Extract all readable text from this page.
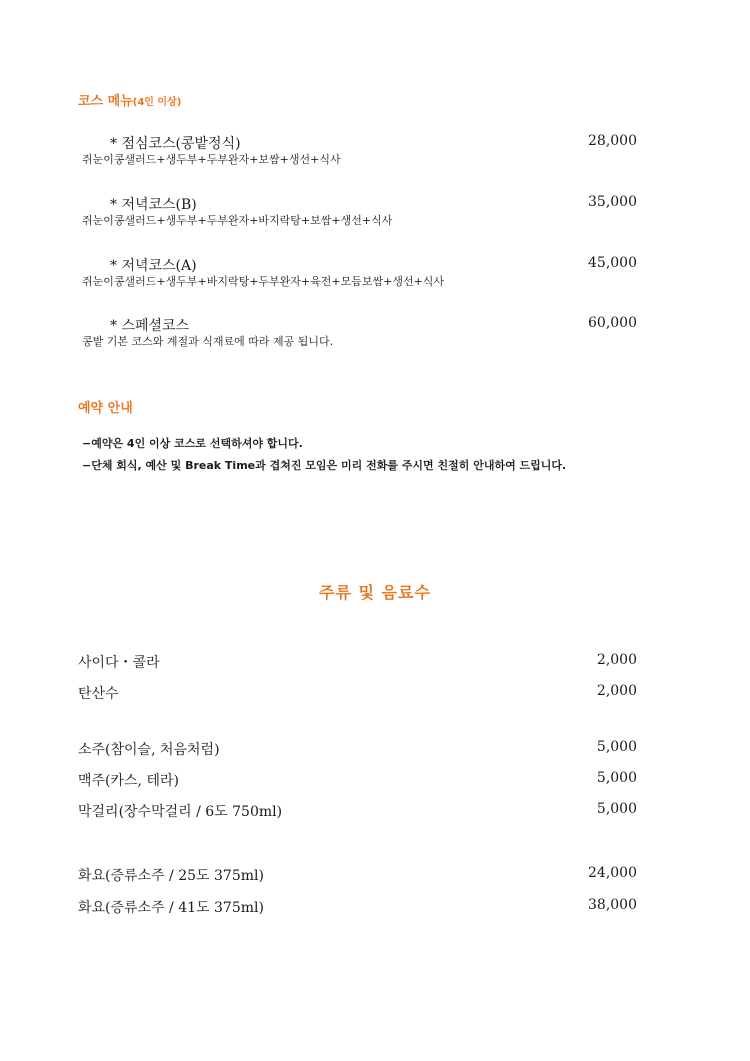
코스 메뉴(4인 이상)
* 점심코스(콩밭정식)	28,000
쥐눈이콩샐러드+생두부+두부완자+보쌈+생선+식사
* 저녁코스(B)	35,000
쥐눈이콩샐러드+생두부+두부완자+바지락탕+보쌈+생선+식사
* 저녁코스(A)	45,000
쥐눈이콩샐러드+생두부+바지락탕+두부완자+육전+모듬보쌈+생선+식사
* 스페셜코스	60,000
콩밭 기본 코스와 계절과 식재료에 따라 제공 됩니다.
예약 안내
−예약은 4인 이상 코스로 선택하셔야 합니다.
−단체 회식, 예산 및 Break Time과 겹쳐진 모임은 미리 전화를 주시면 친절히 안내하여 드립니다.
주류 및 음료수
사이다・콜라	2,000
탄산수	2,000
소주(참이슬, 처음처럼)	5,000
맥주(카스, 테라)	5,000
막걸리(장수막걸리 / 6도 750ml)	5,000
화요(증류소주 / 25도 375ml)	24,000
화요(증류소주 / 41도 375ml)	38,000
